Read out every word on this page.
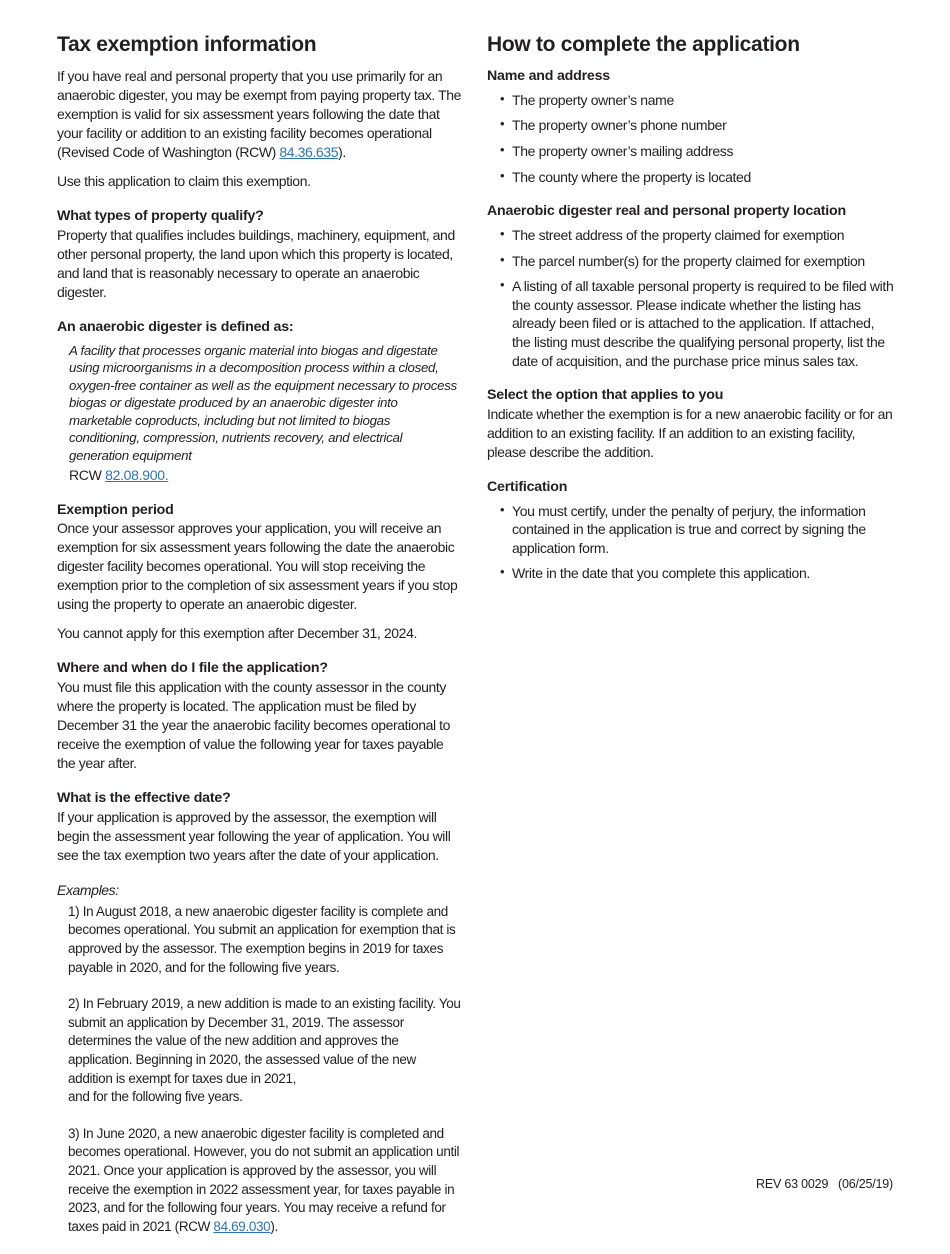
Tax exemption information

If you have real and personal property that you use primarily for an anaerobic digester, you may be exempt from paying property tax. The exemption is valid for six assessment years following the date that your facility or addition to an existing facility becomes operational (Revised Code of Washington (RCW) 84.36.635).

Use this application to claim this exemption.

What types of property qualify?

Property that qualifies includes buildings, machinery, equipment, and other personal property, the land upon which this property is located, and land that is reasonably necessary to operate an anaerobic digester.

An anaerobic digester is defined as:
A facility that processes organic material into biogas and digestate using microorganisms in a decomposition process within a closed, oxygen-free container as well as the equipment necessary to process biogas or digestate produced by an anaerobic digester into marketable coproducts, including but not limited to biogas conditioning, compression, nutrients recovery, and electrical generation equipment
RCW 82.08.900.
Exemption period

Once your assessor approves your application, you will receive an exemption for six assessment years following the date the anaerobic digester facility becomes operational. You will stop receiving the exemption prior to the completion of six assessment years if you stop using the property to operate an anaerobic digester.

You cannot apply for this exemption after December 31, 2024.

Where and when do I file the application?

You must file this application with the county assessor in the county where the property is located. The application must be filed by December 31 the year the anaerobic facility becomes operational to receive the exemption of value the following year for taxes payable the year after.

What is the effective date?

If your application is approved by the assessor, the exemption will begin the assessment year following the year of application. You will see the tax exemption two years after the date of your application.

Examples:

1) In August 2018, a new anaerobic digester facility is complete and becomes operational. You submit an application for exemption that is approved by the assessor. The exemption begins in 2019 for taxes payable in 2020, and for the following five years.

2) In February 2019, a new addition is made to an existing facility. You submit an application by December 31, 2019. The assessor determines the value of the new addition and approves the application. Beginning in 2020, the assessed value of the new addition is exempt for taxes due in 2021,
and for the following five years.

3) In June 2020, a new anaerobic digester facility is completed and becomes operational. However, you do not submit an application until 2021. Once your application is approved by the assessor, you will receive the exemption in 2022 assessment year, for taxes payable in 2023, and for the following four years. You may receive a refund for taxes paid in 2021 (RCW 84.69.030).

How to complete the application
Name and address
• The property owner’s name
• The property owner’s phone number
• The property owner’s mailing address
• The county where the property is located
Anaerobic digester real and personal property location
• The street address of the property claimed for exemption
• The parcel number(s) for the property claimed for exemption
• A listing of all taxable personal property is required to be filed with the county assessor. Please indicate whether the listing has already been filed or is attached to the application. If attached, the listing must describe the qualifying personal property, list the date of acquisition, and the purchase price minus sales tax.
Select the option that applies to you

Indicate whether the exemption is for a new anaerobic facility or for an addition to an existing facility. If an addition to an existing facility, please describe the addition.

Certification
• You must certify, under the penalty of perjury, the information contained in the application is true and correct by signing the application form.
• Write in the date that you complete this application.
REV 63 0029   (06/25/19)
